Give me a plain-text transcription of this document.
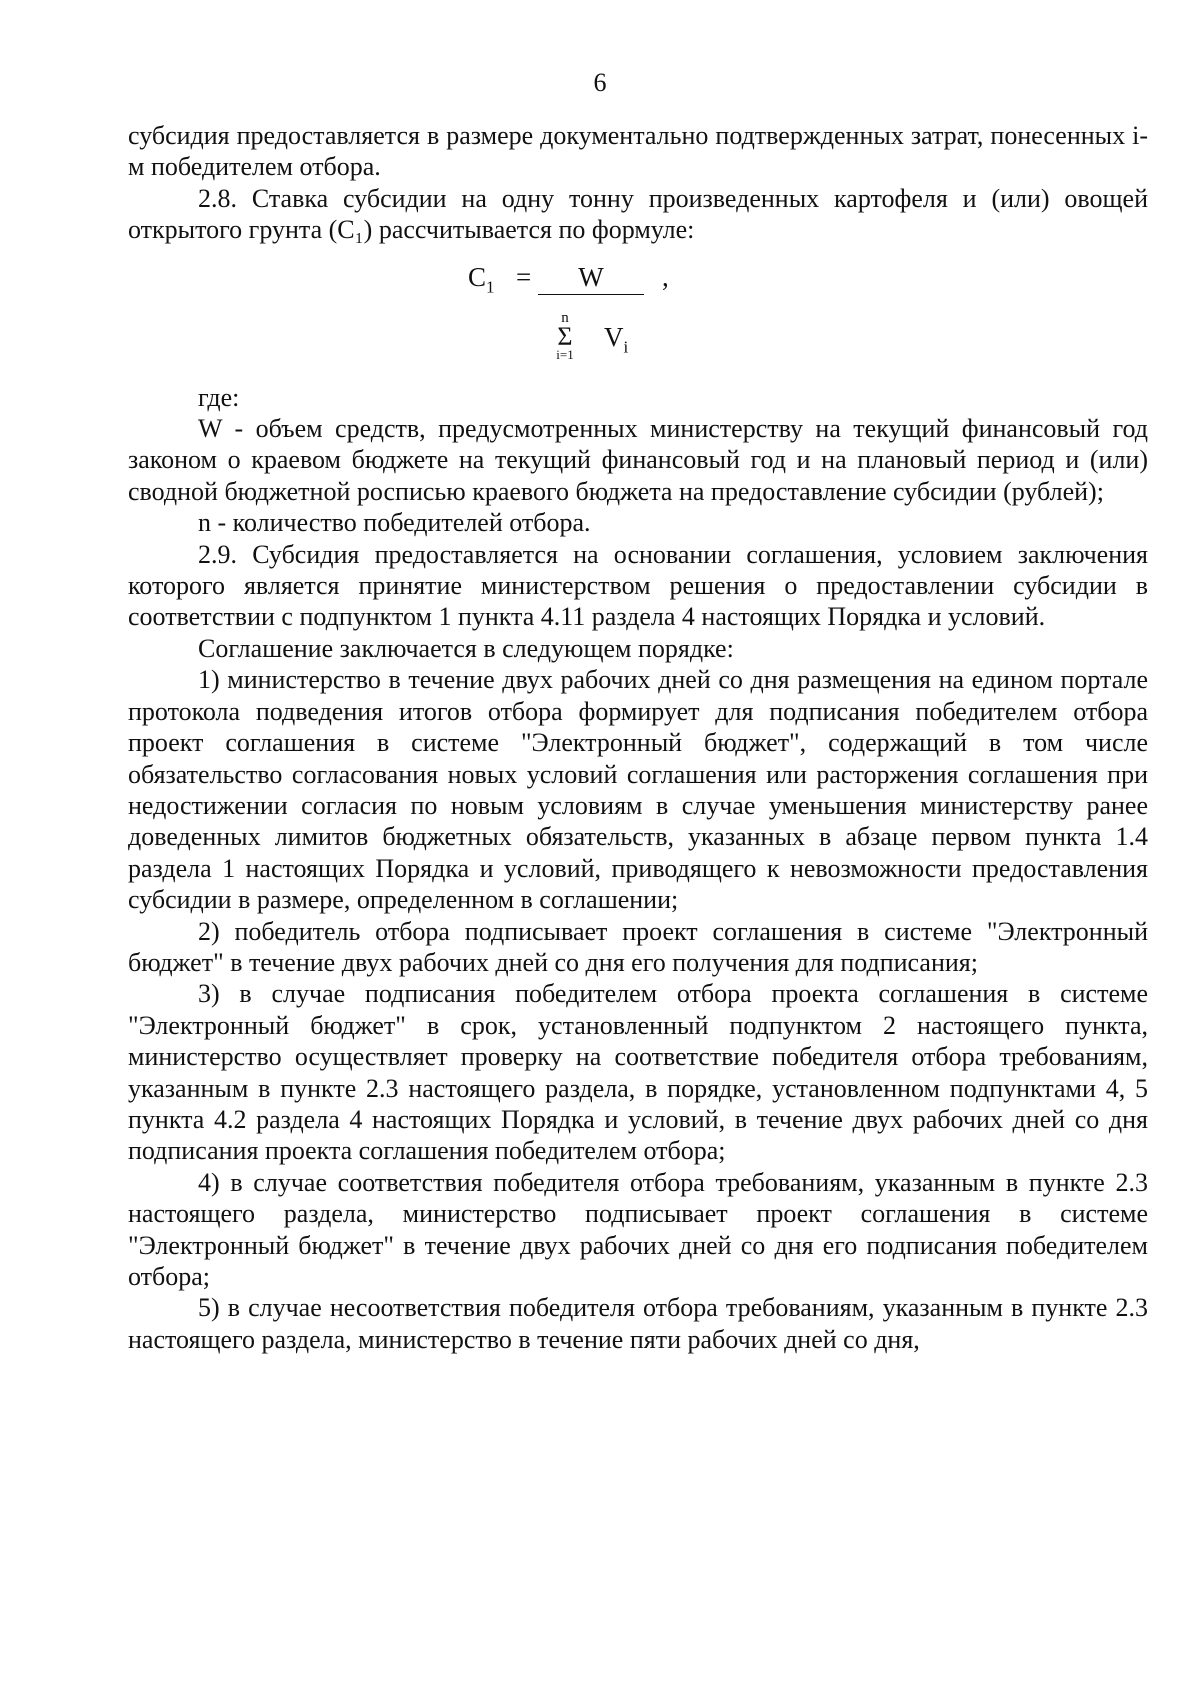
6

субсидия предоставляется в размере документально подтвержденных затрат, понесенных i-м победителем отбора.

2.8. Ставка субсидии на одну тонну произведенных картофеля и (или) овощей открытого грунта (C₁) рассчитывается по формуле:

$C_1$ =	W	,
n
Σ
i=1
$V_i$

где:

W - объем средств, предусмотренных министерству на текущий финансовый год законом о краевом бюджете на текущий финансовый год и на плановый период и (или) сводной бюджетной росписью краевого бюджета на предоставление субсидии (рублей);

n - количество победителей отбора.

2.9. Субсидия предоставляется на основании соглашения, условием заключения которого является принятие министерством решения о предоставлении субсидии в соответствии с подпунктом 1 пункта 4.11 раздела 4 настоящих Порядка и условий.

Соглашение заключается в следующем порядке:

1) министерство в течение двух рабочих дней со дня размещения на едином портале протокола подведения итогов отбора формирует для подписания победителем отбора проект соглашения в системе "Электронный бюджет", содержащий в том числе обязательство согласования новых условий соглашения или расторжения соглашения при недостижении согласия по новым условиям в случае уменьшения министерству ранее доведенных лимитов бюджетных обязательств, указанных в абзаце первом пункта 1.4 раздела 1 настоящих Порядка и условий, приводящего к невозможности предоставления субсидии в размере, определенном в соглашении;

2) победитель отбора подписывает проект соглашения в системе "Электронный бюджет" в течение двух рабочих дней со дня его получения для подписания;

3) в случае подписания победителем отбора проекта соглашения в системе "Электронный бюджет" в срок, установленный подпунктом 2 настоящего пункта, министерство осуществляет проверку на соответствие победителя отбора требованиям, указанным в пункте 2.3 настоящего раздела, в порядке, установленном подпунктами 4, 5 пункта 4.2 раздела 4 настоящих Порядка и условий, в течение двух рабочих дней со дня подписания проекта соглашения победителем отбора;

4) в случае соответствия победителя отбора требованиям, указанным в пункте 2.3 настоящего раздела, министерство подписывает проект соглашения в системе "Электронный бюджет" в течение двух рабочих дней со дня его подписания победителем отбора;

5) в случае несоответствия победителя отбора требованиям, указанным в пункте 2.3 настоящего раздела, министерство в течение пяти рабочих дней со дня,
